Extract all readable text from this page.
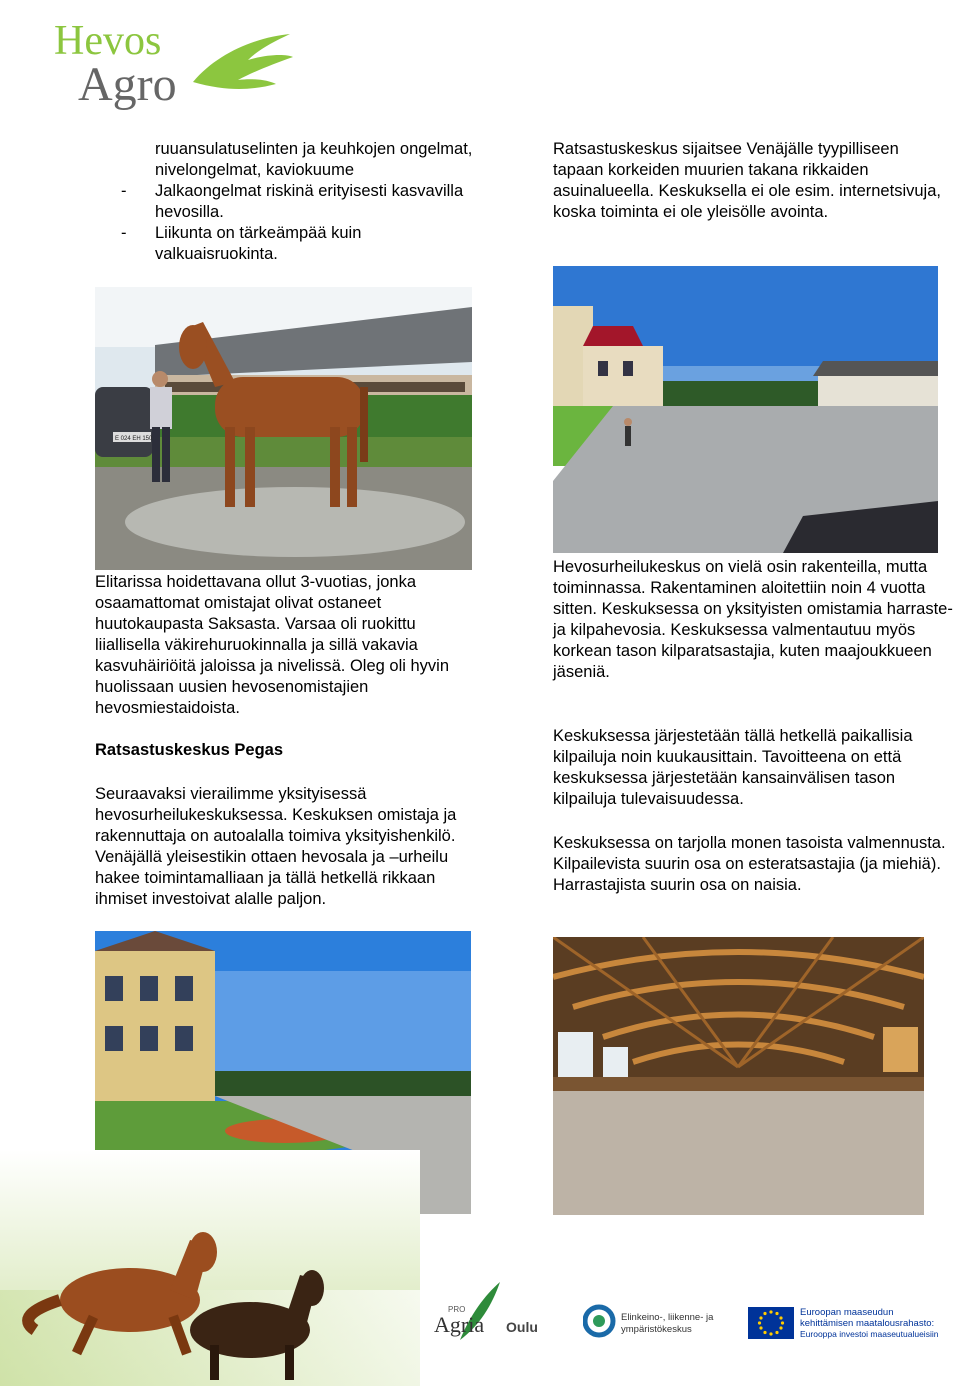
Hevos
Agro

ruuansulatuselinten ja keuhkojen ongelmat, nivelongelmat, kaviokuume

- Jalkaongelmat riskinä erityisesti kasvavilla hevosilla.
- Liikunta on tärkeämpää kuin valkuaisruokinta.

Ratsastuskeskus sijaitsee Venäjälle tyypilliseen tapaan korkeiden muurien takana rikkaiden asuinalueella. Keskuksella ei ole esim. internetsivuja, koska toiminta ei ole yleisölle avointa.

Е 024 ЕН 150

Elitarissa hoidettavana ollut 3-vuotias, jonka osaamattomat omistajat olivat ostaneet huutokaupasta Saksasta. Varsaa oli ruokittu liiallisella väkirehuruokinnalla ja sillä vakavia kasvuhäiriöitä jaloissa ja nivelissä. Oleg oli hyvin huolissaan uusien hevosenomistajien hevosmiestaidoista.

Ratsastuskeskus Pegas

Seuraavaksi vierailimme yksityisessä hevosurheilukeskuksessa. Keskuksen omistaja ja rakennuttaja on autoalalla toimiva yksityishenkilö. Venäjällä yleisestikin ottaen hevosala ja –urheilu hakee toimintamalliaan ja tällä hetkellä rikkaan ihmiset investoivat alalle paljon.

Hevosurheilukeskus on vielä osin rakenteilla, mutta toiminnassa. Rakentaminen aloitettiin noin 4 vuotta sitten. Keskuksessa on yksityisten omistamia harraste- ja kilpahevosia. Keskuksessa valmentautuu myös korkean tason kilparatsastajia, kuten maajoukkueen jäseniä.

Keskuksessa järjestetään tällä hetkellä paikallisia kilpailuja noin kuukausittain. Tavoitteena on että keskuksessa järjestetään kansainvälisen tason kilpailuja tulevaisuudessa.

Keskuksessa on tarjolla monen tasoista valmennusta. Kilpailevista suurin osa on esteratsastajia (ja miehiä). Harrastajista suurin osa on naisia.

PRO
Agria Oulu
Elinkeino-, liikenne- ja
ympäristökeskus
Euroopan maaseudun
kehittämisen maatalousrahasto:
Eurooppa investoi maaseutualueisiin
